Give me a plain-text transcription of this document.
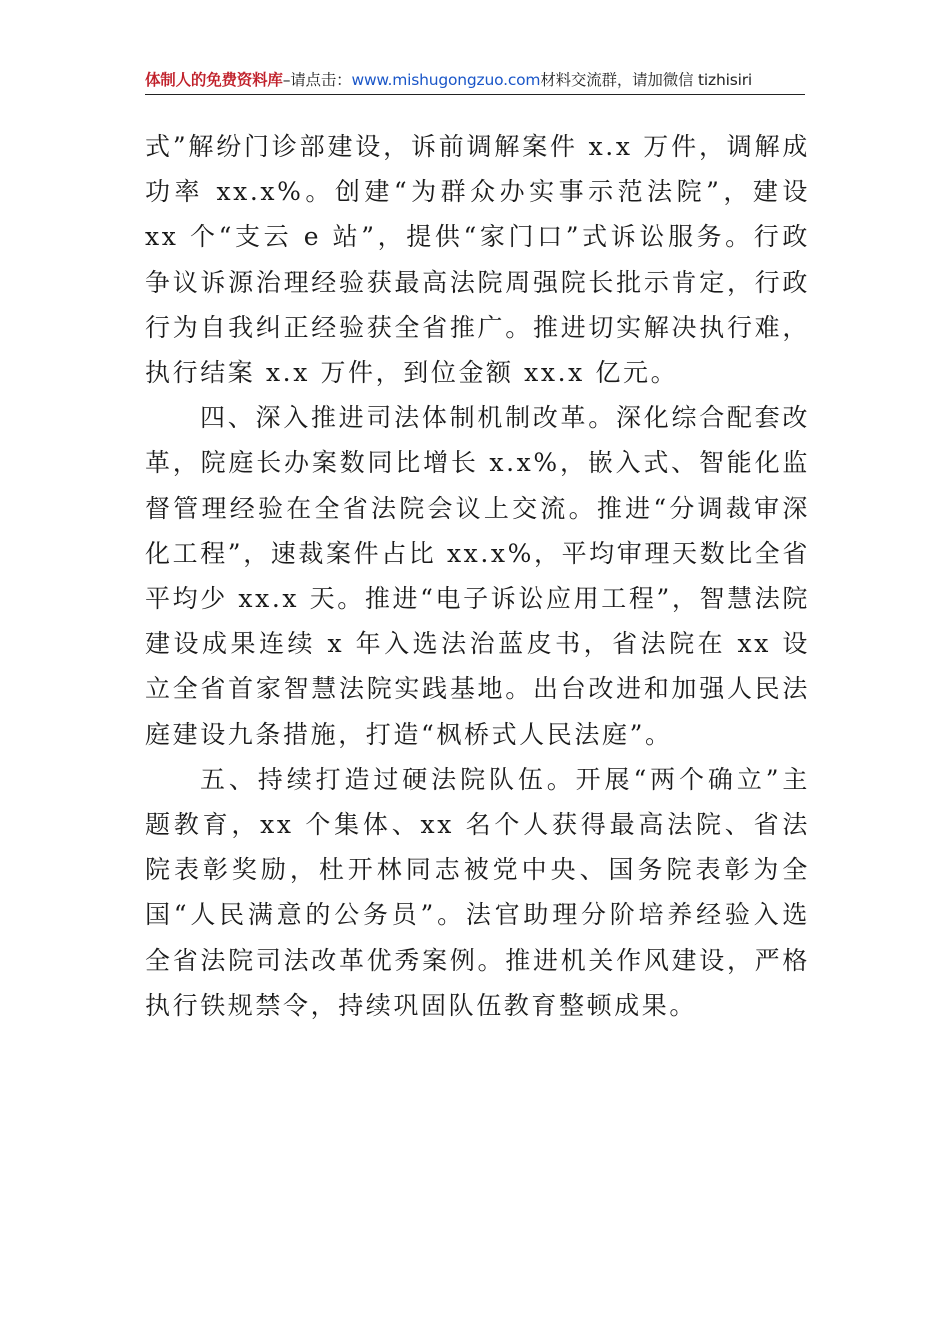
体制人的免费资料库–请点击：www.mishugongzuo.com材料交流群，请加微信 tizhisiri

式”解纷门诊部建设，诉前调解案件 x.x 万件，调解成功率 xx.x%。创建“为群众办实事示范法院”，建设 xx 个“支云 e 站”，提供“家门口”式诉讼服务。行政争议诉源治理经验获最高法院周强院长批示肯定，行政行为自我纠正经验获全省推广。推进切实解决执行难，执行结案 x.x 万件，到位金额 xx.x 亿元。

四、深入推进司法体制机制改革。深化综合配套改革，院庭长办案数同比增长 x.x%，嵌入式、智能化监督管理经验在全省法院会议上交流。推进“分调裁审深化工程”，速裁案件占比 xx.x%，平均审理天数比全省平均少 xx.x 天。推进“电子诉讼应用工程”，智慧法院建设成果连续 x 年入选法治蓝皮书，省法院在 xx 设立全省首家智慧法院实践基地。出台改进和加强人民法庭建设九条措施，打造“枫桥式人民法庭”。

五、持续打造过硬法院队伍。开展“两个确立”主题教育，xx 个集体、xx 名个人获得最高法院、省法院表彰奖励，杜开林同志被党中央、国务院表彰为全国“人民满意的公务员”。法官助理分阶培养经验入选全省法院司法改革优秀案例。推进机关作风建设，严格执行铁规禁令，持续巩固队伍教育整顿成果。
